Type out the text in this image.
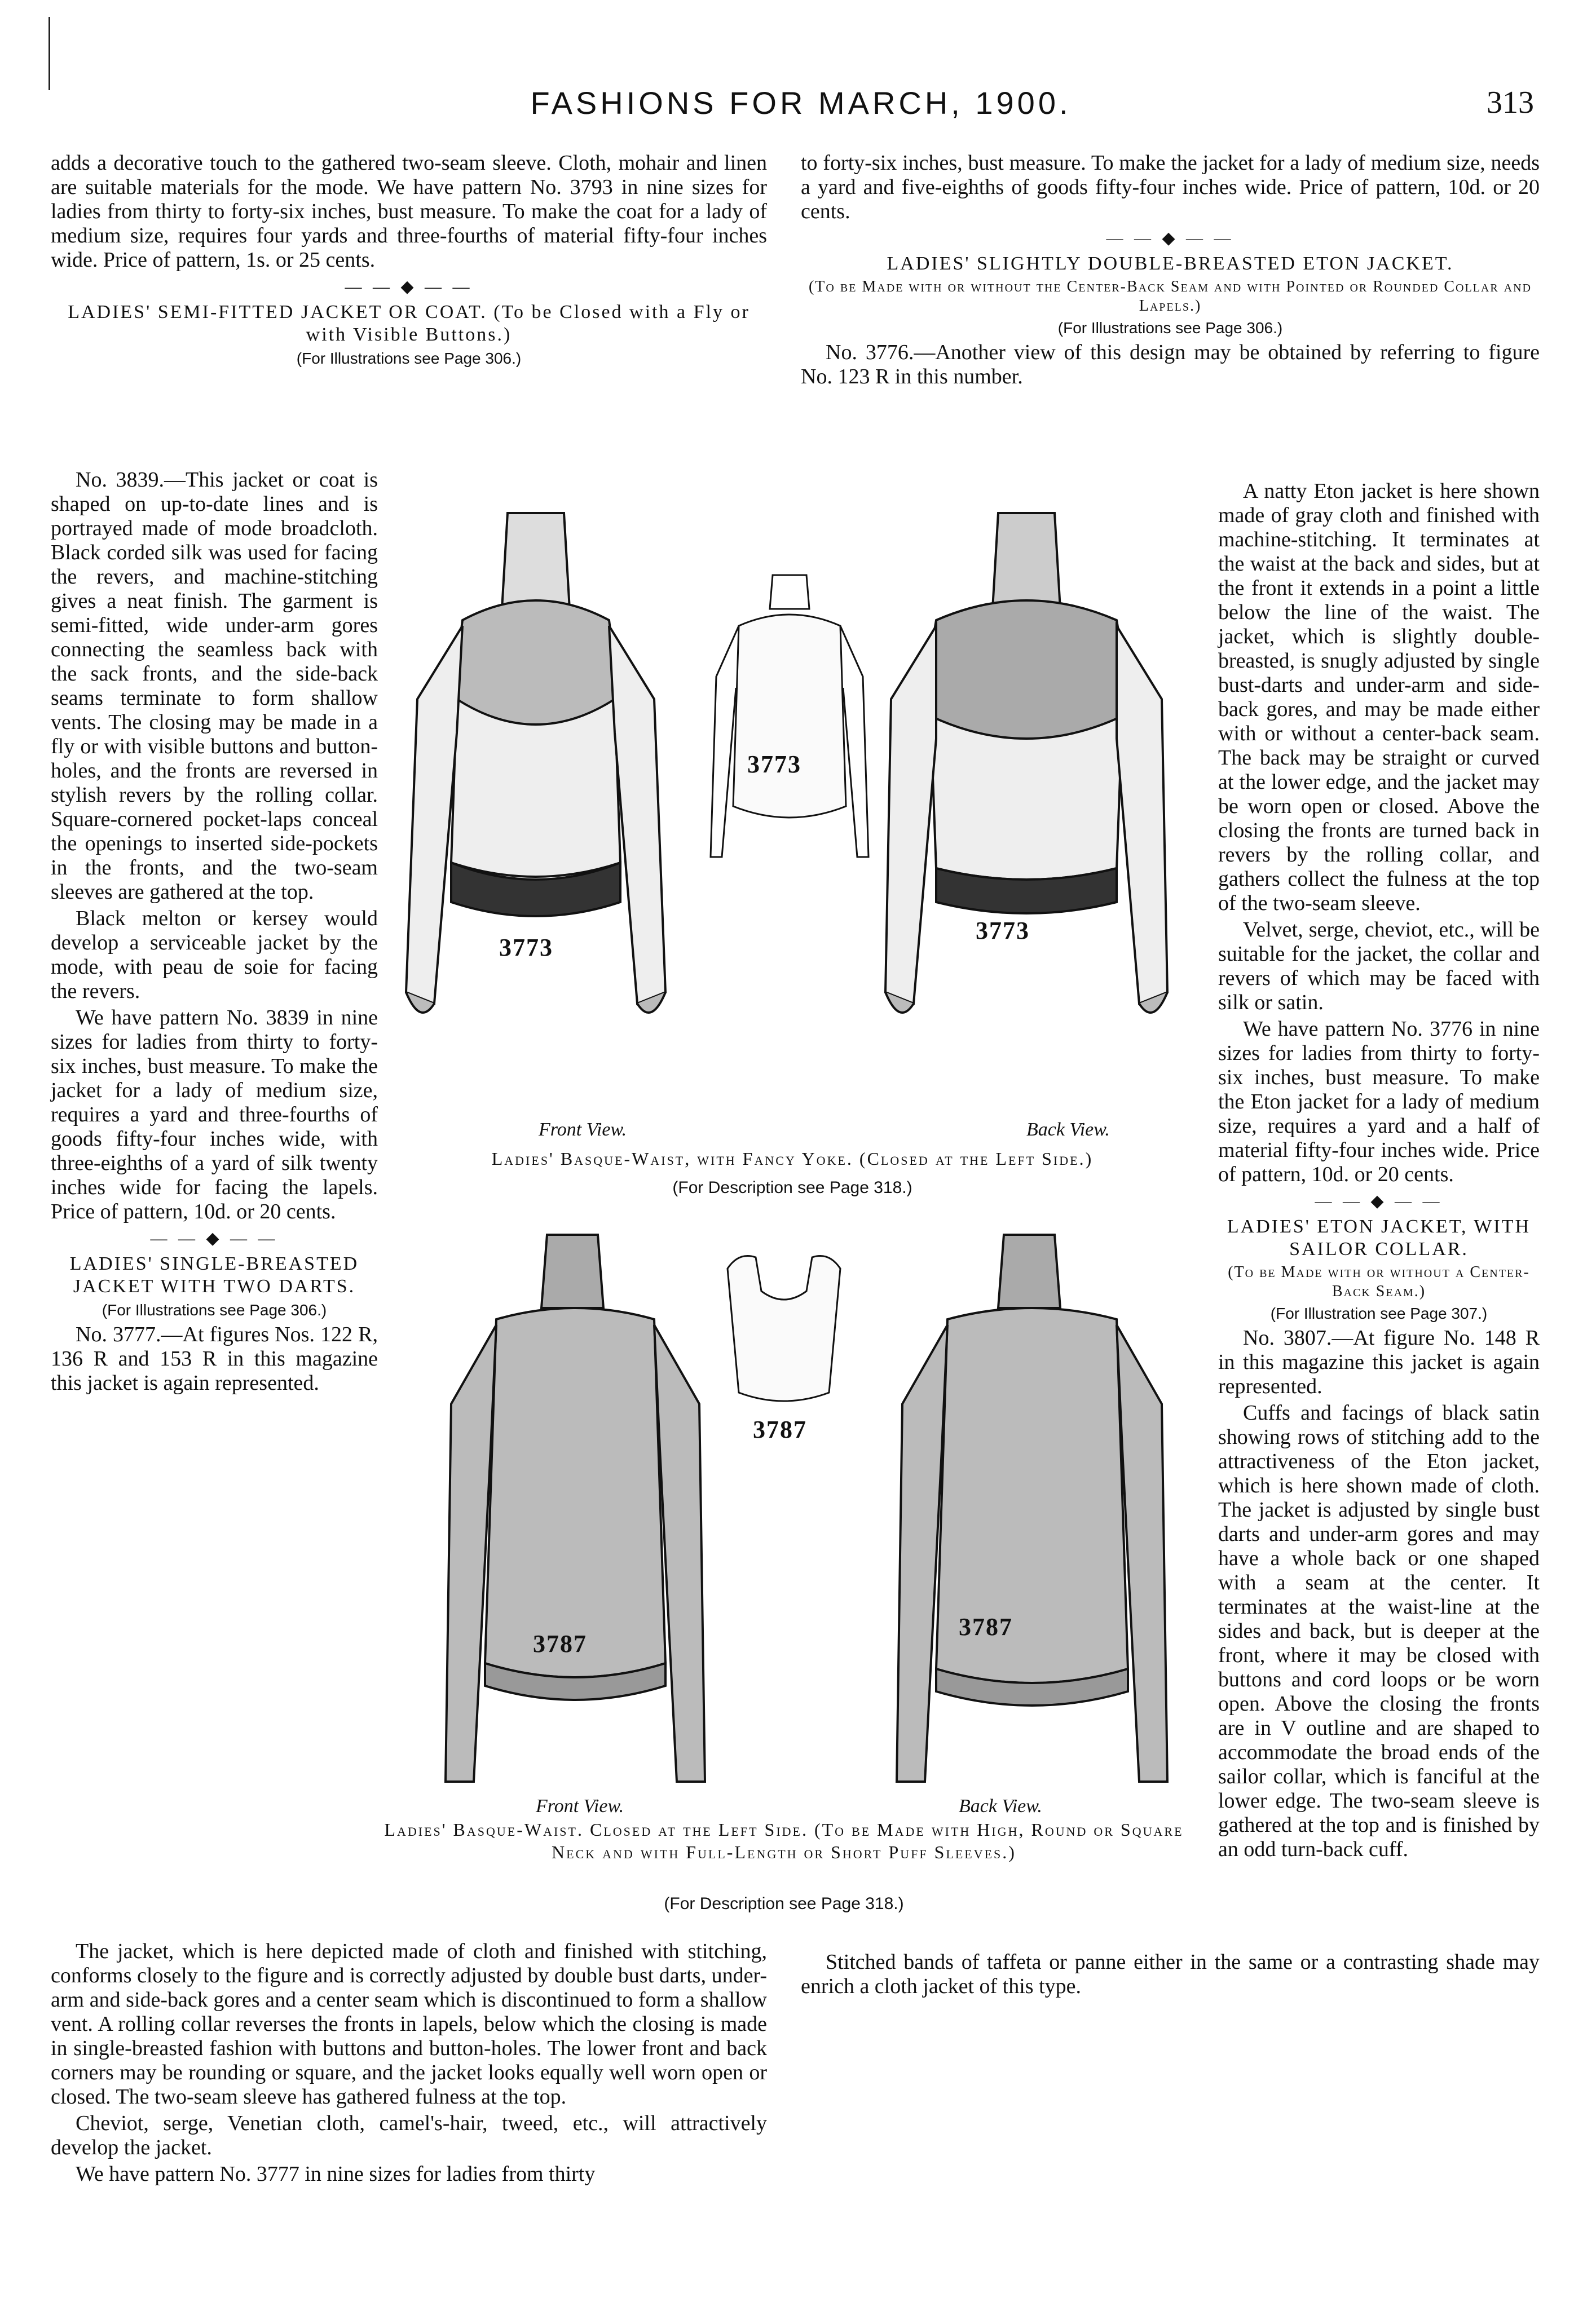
FASHIONS FOR MARCH, 1900.	313

adds a decorative touch to the gathered two-seam sleeve. Cloth, mohair and linen are suitable materials for the mode. We have pattern No. 3793 in nine sizes for ladies from thirty to forty-six inches, bust measure. To make the coat for a lady of medium size, requires four yards and three-fourths of material fifty-four inches wide. Price of pattern, 1s. or 25 cents.

— — ◆ — —

LADIES' SEMI-FITTED JACKET OR COAT. (To be Closed with a Fly or with Visible Buttons.)

(For Illustrations see Page 306.)

No. 3839.—This jacket or coat is shaped on up-to-date lines and is portrayed made of mode broadcloth. Black corded silk was used for facing the revers, and machine-stitching gives a neat finish. The garment is semi-fitted, wide under-arm gores connecting the seamless back with the sack fronts, and the side-back seams terminate to form shallow vents. The closing may be made in a fly or with visible buttons and button-holes, and the fronts are reversed in stylish revers by the rolling collar. Square-cornered pocket-laps conceal the openings to inserted side-pockets in the fronts, and the two-seam sleeves are gathered at the top.

Black melton or kersey would develop a serviceable jacket by the mode, with peau de soie for facing the revers.

We have pattern No. 3839 in nine sizes for ladies from thirty to forty-six inches, bust measure. To make the jacket for a lady of medium size, requires a yard and three-fourths of goods fifty-four inches wide, with three-eighths of a yard of silk twenty inches wide for facing the lapels. Price of pattern, 10d. or 20 cents.

— — ◆ — —

LADIES' SINGLE-BREASTED JACKET WITH TWO DARTS.

(For Illustrations see Page 306.)

No. 3777.—At figures Nos. 122 R, 136 R and 153 R in this magazine this jacket is again represented.

The jacket, which is here depicted made of cloth and finished with stitching, conforms closely to the figure and is correctly adjusted by double bust darts, under-arm and side-back gores and a center seam which is discontinued to form a shallow vent. A rolling collar reverses the fronts in lapels, below which the closing is made in single-breasted fashion with buttons and button-holes. The lower front and back corners may be rounding or square, and the jacket looks equally well worn open or closed. The two-seam sleeve has gathered fulness at the top.

Cheviot, serge, Venetian cloth, camel's-hair, tweed, etc., will attractively develop the jacket.

We have pattern No. 3777 in nine sizes for ladies from thirty

to forty-six inches, bust measure. To make the jacket for a lady of medium size, needs a yard and five-eighths of goods fifty-four inches wide. Price of pattern, 10d. or 20 cents.

— — ◆ — —

LADIES' SLIGHTLY DOUBLE-BREASTED ETON JACKET.

(To be Made with or without the Center-Back Seam and with Pointed or Rounded Collar and Lapels.)

(For Illustrations see Page 306.)

No. 3776.—Another view of this design may be obtained by referring to figure No. 123 R in this number.

A natty Eton jacket is here shown made of gray cloth and finished with machine-stitching. It terminates at the waist at the back and sides, but at the front it extends in a point a little below the line of the waist. The jacket, which is slightly double-breasted, is snugly adjusted by single bust-darts and under-arm and side-back gores, and may be made either with or without a center-back seam. The back may be straight or curved at the lower edge, and the jacket may be worn open or closed. Above the closing the fronts are turned back in revers by the rolling collar, and gathers collect the fulness at the top of the two-seam sleeve.

Velvet, serge, cheviot, etc., will be suitable for the jacket, the collar and revers of which may be faced with silk or satin.

We have pattern No. 3776 in nine sizes for ladies from thirty to forty-six inches, bust measure. To make the Eton jacket for a lady of medium size, requires a yard and a half of material fifty-four inches wide. Price of pattern, 10d. or 20 cents.

— — ◆ — —

LADIES' ETON JACKET, WITH SAILOR COLLAR.

(To be Made with or without a Center-Back Seam.)

(For Illustration see Page 307.)

No. 3807.—At figure No. 148 R in this magazine this jacket is again represented.

Cuffs and facings of black satin showing rows of stitching add to the attractiveness of the Eton jacket, which is here shown made of cloth. The jacket is adjusted by single bust darts and under-arm gores and may have a whole back or one shaped with a seam at the center. It terminates at the waist-line at the sides and back, but is deeper at the front, where it may be closed with buttons and cord loops or be worn open. Above the closing the fronts are in V outline and are shaped to accommodate the broad ends of the sailor collar, which is fanciful at the lower edge. The two-seam sleeve is gathered at the top and is finished by an odd turn-back cuff.

Stitched bands of taffeta or panne either in the same or a contrasting shade may enrich a cloth jacket of this type.

3773
3773
3773
Front View.	Back View.
Ladies' Basque-Waist, with Fancy Yoke. (Closed at the Left Side.)
(For Description see Page 318.)
3787
3787
3787
Front View.	Back View.
Ladies' Basque-Waist. Closed at the Left Side. (To be Made with High, Round or Square Neck and with Full-Length or Short Puff Sleeves.)
(For Description see Page 318.)
